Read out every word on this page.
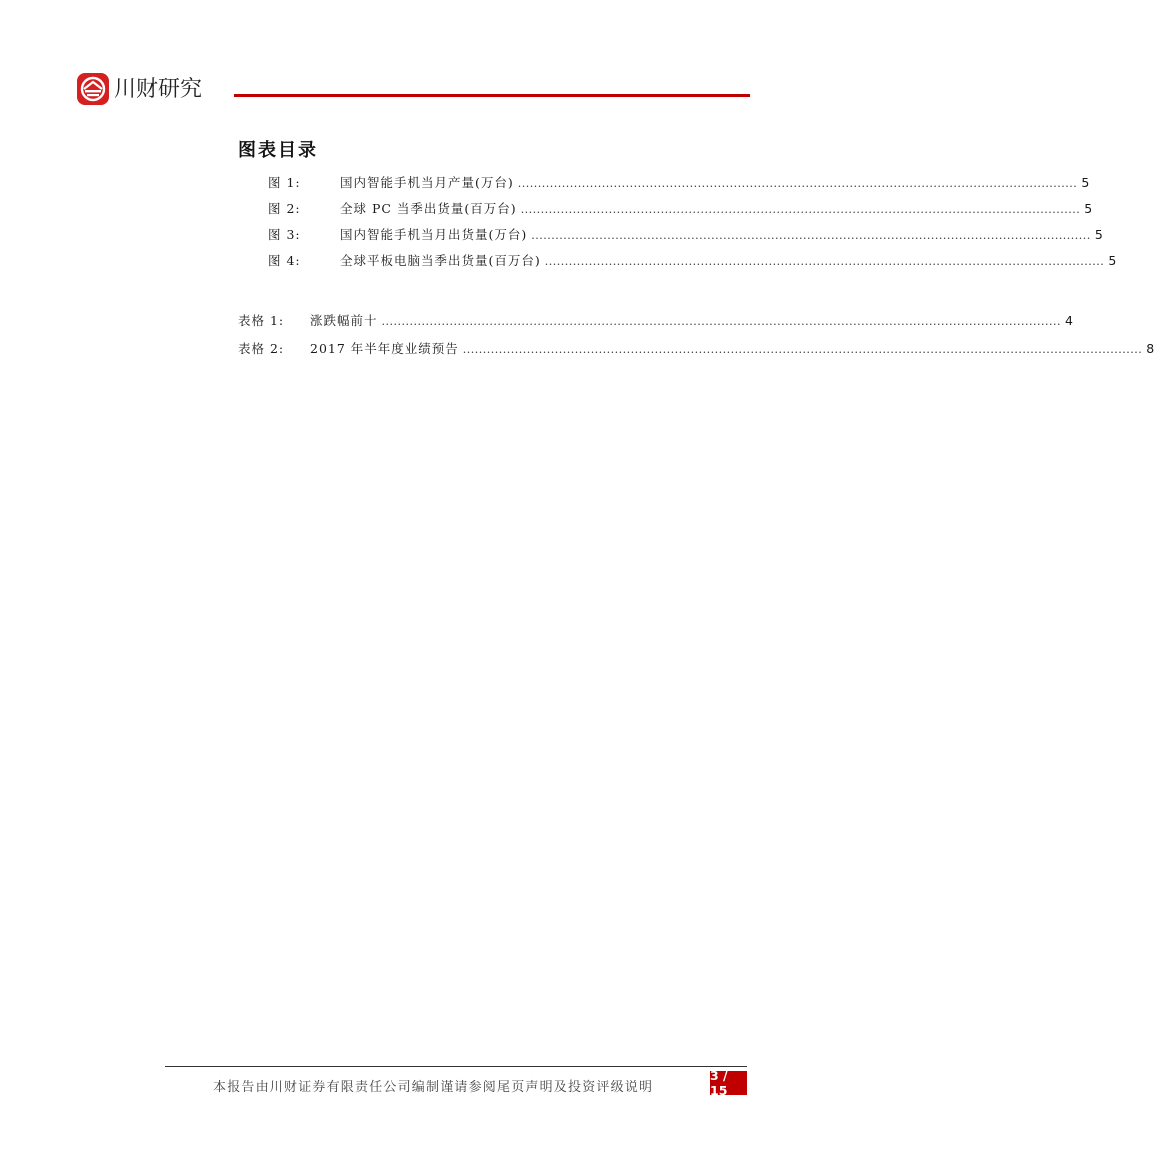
川财研究
图表目录
图 1:	国内智能手机当月产量(万台) ............................................................................................................................................ 5
图 2:	全球 PC 当季出货量(百万台) ............................................................................................................................................ 5
图 3:	国内智能手机当月出货量(万台) ............................................................................................................................................ 5
图 4:	全球平板电脑当季出货量(百万台) ............................................................................................................................................ 5
表格 1:	涨跌幅前十 .......................................................................................................................................................................... 4
表格 2:	2017 年半年度业绩预告 .......................................................................................................................................................................... 8
本报告由川财证券有限责任公司编制谨请参阅尾页声明及投资评级说明
3 / 15
